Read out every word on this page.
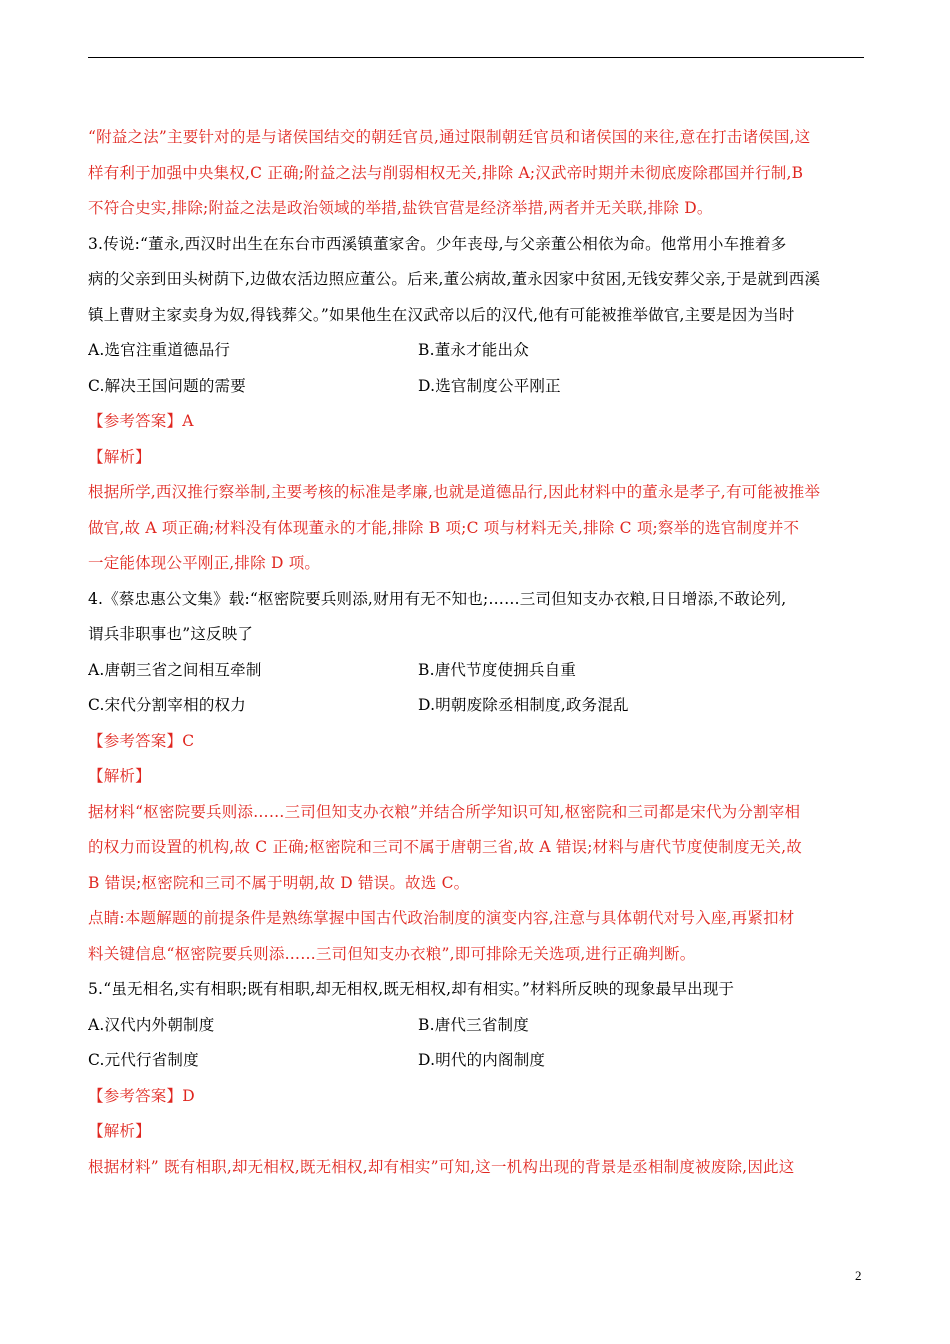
“附益之法”主要针对的是与诸侯国结交的朝廷官员,通过限制朝廷官员和诸侯国的来往,意在打击诸侯国,这
样有利于加强中央集权,C 正确;附益之法与削弱相权无关,排除 A;汉武帝时期并未彻底废除郡国并行制,B
不符合史实,排除;附益之法是政治领域的举措,盐铁官营是经济举措,两者并无关联,排除 D。
3.传说:“董永,西汉时出生在东台市西溪镇董家舍。少年丧母,与父亲董公相依为命。他常用小车推着多
病的父亲到田头树荫下,边做农活边照应董公。后来,董公病故,董永因家中贫困,无钱安葬父亲,于是就到西溪
镇上曹财主家卖身为奴,得钱葬父。”如果他生在汉武帝以后的汉代,他有可能被推举做官,主要是因为当时
A.选官注重道德品行	B.董永才能出众
C.解决王国问题的需要	D.选官制度公平刚正
【参考答案】A
【解析】
根据所学,西汉推行察举制,主要考核的标准是孝廉,也就是道德品行,因此材料中的董永是孝子,有可能被推举
做官,故 A 项正确;材料没有体现董永的才能,排除 B 项;C 项与材料无关,排除 C 项;察举的选官制度并不
一定能体现公平刚正,排除 D 项。
4.《蔡忠惠公文集》载:“枢密院要兵则添,财用有无不知也;……三司但知支办衣粮,日日增添,不敢论列,
谓兵非职事也”这反映了
A.唐朝三省之间相互牵制	B.唐代节度使拥兵自重
C.宋代分割宰相的权力	D.明朝废除丞相制度,政务混乱
【参考答案】C
【解析】
据材料“枢密院要兵则添……三司但知支办衣粮”并结合所学知识可知,枢密院和三司都是宋代为分割宰相
的权力而设置的机构,故 C 正确;枢密院和三司不属于唐朝三省,故 A 错误;材料与唐代节度使制度无关,故
B 错误;枢密院和三司不属于明朝,故 D 错误。故选 C。
点睛:本题解题的前提条件是熟练掌握中国古代政治制度的演变内容,注意与具体朝代对号入座,再紧扣材
料关键信息“枢密院要兵则添……三司但知支办衣粮”,即可排除无关选项,进行正确判断。
5.“虽无相名,实有相职;既有相职,却无相权,既无相权,却有相实。”材料所反映的现象最早出现于
A.汉代内外朝制度	B.唐代三省制度
C.元代行省制度	D.明代的内阁制度
【参考答案】D
【解析】
根据材料” 既有相职,却无相权,既无相权,却有相实”可知,这一机构出现的背景是丞相制度被废除,因此这
2
